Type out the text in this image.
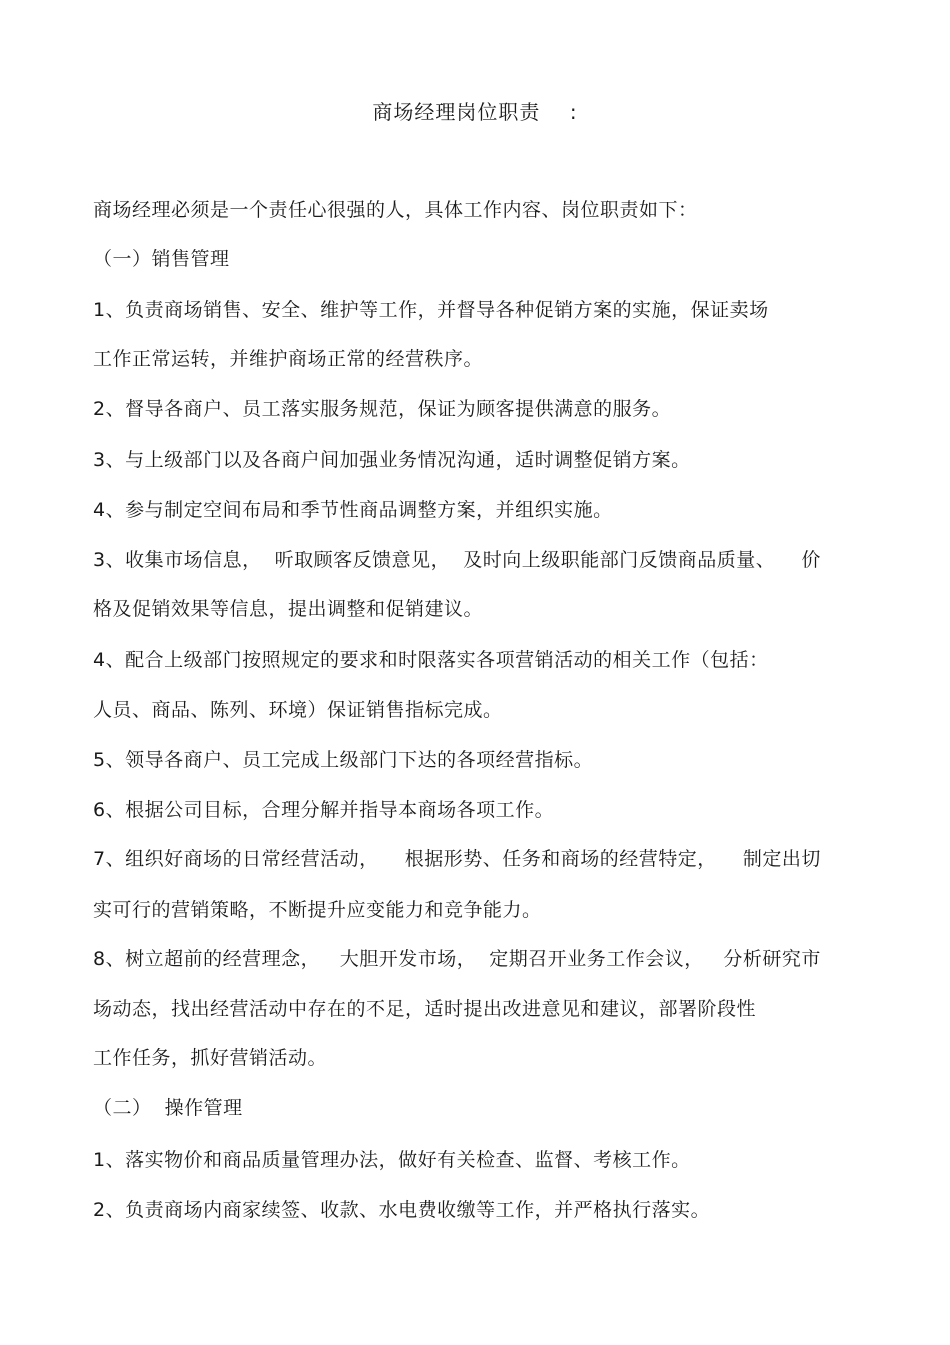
商场经理岗位职责    :
商场经理必须是一个责任心很强的人，具体工作内容、岗位职责如下：
（一）销售管理
1、负责商场销售、安全、维护等工作，并督导各种促销方案的实施，保证卖场
工作正常运转，并维护商场正常的经营秩序。
2、督导各商户、员工落实服务规范，保证为顾客提供满意的服务。
3、与上级部门以及各商户间加强业务情况沟通，适时调整促销方案。
4、参与制定空间布局和季节性商品调整方案，并组织实施。
3、收集市场信息，  听取顾客反馈意见，  及时向上级职能部门反馈商品质量、    价
格及促销效果等信息，提出调整和促销建议。
4、配合上级部门按照规定的要求和时限落实各项营销活动的相关工作（包括：
人员、商品、陈列、环境）保证销售指标完成。
5、领导各商户、员工完成上级部门下达的各项经营指标。
6、根据公司目标，合理分解并指导本商场各项工作。
7、组织好商场的日常经营活动，    根据形势、任务和商场的经营特定，    制定出切
实可行的营销策略，不断提升应变能力和竞争能力。
8、树立超前的经营理念，   大胆开发市场，  定期召开业务工作会议，   分析研究市
场动态，找出经营活动中存在的不足，适时提出改进意见和建议，部署阶段性
工作任务，抓好营销活动。
（二）  操作管理
1、落实物价和商品质量管理办法，做好有关检查、监督、考核工作。
2、负责商场内商家续签、收款、水电费收缴等工作，并严格执行落实。
